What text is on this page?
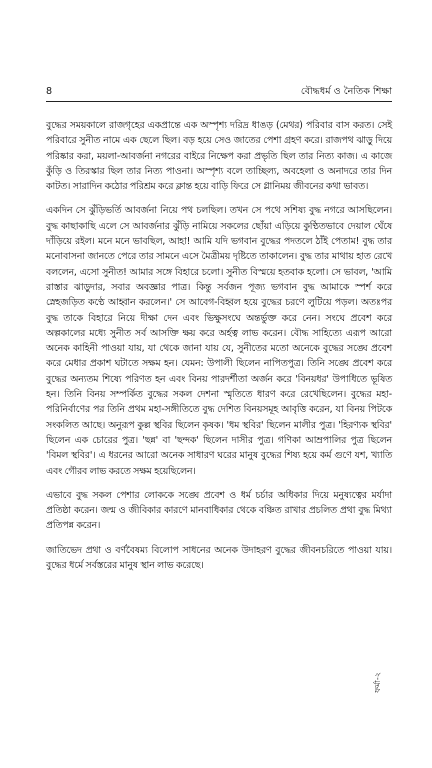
8	বৌদ্ধধর্ম ও নৈতিক শিক্ষা

বুদ্ধের সময়কালে রাজগৃহের একপ্রান্তে এক অস্পৃশ্য দরিদ্র ধাঙড় (মেথর) পরিবার বাস করত। সেই পরিবারে সুনীত নামে এক ছেলে ছিল। বড় হয়ে সেও জাতের পেশা গ্রহণ করে। রাজপথ ঝাড়ু দিয়ে পরিষ্কার করা, ময়লা-আবর্জনা নগরের বাইরে নিক্ষেপ করা প্রভৃতি ছিল তার নিত্য কাজ। এ কাজে কুঁড়ি ও তিরস্কার ছিল তার নিত্য পাওনা। অস্পৃশ্য বলে তাচ্ছিল্য, অবহেলা ও অনাদরে তার দিন কাটত। সারাদিন কঠোর পরিশ্রম করে ক্লান্ত হয়ে বাড়ি ফিরে সে গ্লানিময় জীবনের কথা ভাবত।

একদিন সে ঝুঁড়িভর্তি আবর্জনা নিয়ে পথ চলছিল। তখন সে পথে সশিষ্য বুদ্ধ নগরে আসছিলেন। বুদ্ধ কাছাকাছি এলে সে আবর্জনার ঝুঁড়ি নামিয়ে সকলের ছোঁয়া এড়িয়ে কুণ্ঠিতভাবে দেয়াল ঘেঁষে দাঁড়িয়ে রইল। মনে মনে ভাবছিল, আহা! আমি যদি ভগবান বুদ্ধের পদতলে ঠাঁই পেতাম! বুদ্ধ তার মনোবাসনা জানতে পেরে তার সামনে এসে মৈত্রীময় দৃষ্টিতে তাকালেন। বুদ্ধ তার মাথায় হাত রেখে বললেন, এসো সুনীত! আমার সঙ্গে বিহারে চলো। সুনীত বিস্ময়ে হতবাক হলো। সে ভাবল, 'আমি রাস্তার ঝাড়ুদার, সবার অবজ্ঞার পাত্র। কিন্তু সর্বজন পূজ্য ভগবান বুদ্ধ আমাকে স্পর্শ করে স্নেহজড়িত কণ্ঠে আহ্বান করলেন।' সে আবেগ-বিহ্বল হয়ে বুদ্ধের চরণে লুটিয়ে পড়ল। অতঃপর বুদ্ধ তাকে বিহারে নিয়ে দীক্ষা দেন এবং ভিক্ষুসংঘে অন্তর্ভুক্ত করে নেন। সংঘে প্রবেশ করে অল্পকালের মধ্যে সুনীত সর্ব আসক্তি ক্ষয় করে অর্হত্ব লাভ করেন। বৌদ্ধ সাহিত্যে এরূপ আরো অনেক কাহিনী পাওয়া যায়, যা থেকে জানা যায় যে, সুনীতের মতো অনেকে বুদ্ধের সঙ্ঘে প্রবেশ করে মেধার প্রকাশ ঘটাতে সক্ষম হন। যেমন: উপালী ছিলেন নাপিতপুত্র। তিনি সঙ্ঘে প্রবেশ করে বুদ্ধের অন্যতম শিষ্যে পরিণত হন এবং বিনয় পারদর্শীতা অর্জন করে 'বিনয়ধর' উপাধিতে ভূষিত হন। তিনি বিনয় সম্পর্কিত বুদ্ধের সকল দেশনা স্মৃতিতে ধারণ করে রেখেছিলেন। বুদ্ধের মহা-পরিনির্বাণের পর তিনি প্রথম মহা-সঙ্গীতিতে বুদ্ধ দেশিত বিনয়সমূহ আবৃত্তি করেন, যা বিনয় পিটকে সংকলিত আছে। অনুরূপ কুল্ল স্থবির ছিলেন কৃষক। 'ধম স্থবির' ছিলেন মালীর পুত্র। 'হিরণ্যক স্থবির' ছিলেন এক চোরের পুত্র। 'ছন্ন' বা 'ছন্দক' ছিলেন দাসীর পুত্র। গণিকা আম্রপালির পুত্র ছিলেন 'বিমল স্থবির'। এ ধরনের আরো অনেক সাধারণ ঘরের মানুষ বুদ্ধের শিষ্য হয়ে কর্ম গুণে যশ, খ্যাতি এবং গৌরব লাভ করতে সক্ষম হয়েছিলেন।

এভাবে বুদ্ধ সকল পেশার লোককে সঙ্ঘে প্রবেশ ও ধর্ম চর্চার অধিকার দিয়ে মনুষ্যত্বের মর্যাদা প্রতিষ্ঠা করেন। জন্ম ও জীবিকার কারণে মানবাধিকার থেকে বঞ্চিত রাখার প্রচলিত প্রথা বুদ্ধ মিথ্যা প্রতিপন্ন করেন।

জাতিভেদ প্রথা ও বর্ণবৈষম্য বিলোপ সাধনের অনেক উদাহরণ বুদ্ধের জীবনচরিতে পাওয়া যায়। বুদ্ধের ধর্মে সর্বস্তরের মানুষ স্থান লাভ করেছে।

ফর্মা-২
